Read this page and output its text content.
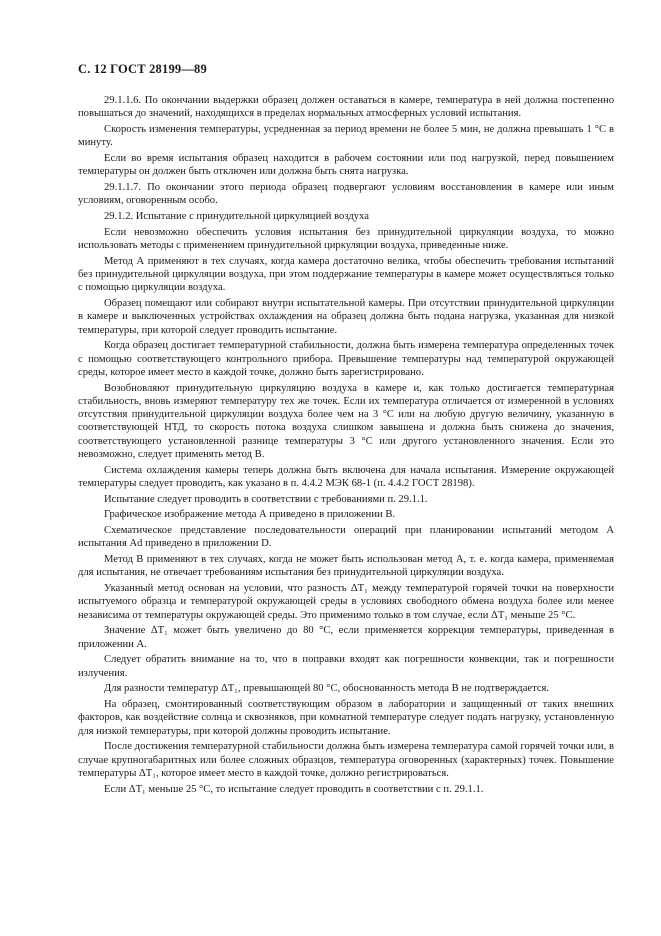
С. 12 ГОСТ 28199—89

29.1.1.6. По окончании выдержки образец должен оставаться в камере, температура в ней должна постепенно повышаться до значений, находящихся в пределах нормальных атмосферных условий испытания.

Скорость изменения температуры, усредненная за период времени не более 5 мин, не должна превышать 1 °С в минуту.

Если во время испытания образец находится в рабочем состоянии или под нагрузкой, перед повышением температуры он должен быть отключен или должна быть снята нагрузка.

29.1.1.7. По окончании этого периода образец подвергают условиям восстановления в камере или иным условиям, оговоренным особо.

29.1.2. Испытание с принудительной циркуляцией воздуха

Если невозможно обеспечить условия испытания без принудительной циркуляции воздуха, то можно использовать методы с применением принудительной циркуляции воздуха, приведенные ниже.

Метод А применяют в тех случаях, когда камера достаточно велика, чтобы обеспечить требования испытаний без принудительной циркуляции воздуха, при этом поддержание температуры в камере может осуществляться только с помощью циркуляции воздуха.

Образец помещают или собирают внутри испытательной камеры. При отсутствии принудительной циркуляции в камере и выключенных устройствах охлаждения на образец должна быть подана нагрузка, указанная для низкой температуры, при которой следует проводить испытание.

Когда образец достигает температурной стабильности, должна быть измерена температура определенных точек с помощью соответствующего контрольного прибора. Превышение температуры над температурой окружающей среды, которое имеет место в каждой точке, должно быть зарегистрировано.

Возобновляют принудительную циркуляцию воздуха в камере и, как только достигается температурная стабильность, вновь измеряют температуру тех же точек. Если их температура отличается от измеренной в условиях отсутствия принудительной циркуляции воздуха более чем на 3 °С или на любую другую величину, указанную в соответствующей НТД, то скорость потока воздуха слишком завышена и должна быть снижена до значения, соответствующего установленной разнице температуры 3 °С или другого установленного значения. Если это невозможно, следует применять метод В.

Система охлаждения камеры теперь должна быть включена для начала испытания. Измерение окружающей температуры следует проводить, как указано в п. 4.4.2 МЭК 68-1 (п. 4.4.2 ГОСТ 28198).

Испытание следует проводить в соответствии с требованиями п. 29.1.1.

Графическое изображение метода А приведено в приложении В.

Схематическое представление последовательности операций при планировании испытаний методом А испытания Ad приведено в приложении D.

Метод В применяют в тех случаях, когда не может быть использован метод А, т. е. когда камера, применяемая для испытания, не отвечает требованиям испытания без принудительной циркуляции воздуха.

Указанный метод основан на условии, что разность ΔT₁ между температурой горячей точки на поверхности испытуемого образца и температурой окружающей среды в условиях свободного обмена воздуха более или менее независима от температуры окружающей среды. Это применимо только в том случае, если ΔT₁ меньше 25 °С.

Значение ΔT₁ может быть увеличено до 80 °С, если применяется коррекция температуры, приведенная в приложении А.

Следует обратить внимание на то, что в поправки входят как погрешности конвекции, так и погрешности излучения.

Для разности температур ΔT₁, превышающей 80 °С, обоснованность метода В не подтверждается.

На образец, смонтированный соответствующим образом в лаборатории и защищенный от таких внешних факторов, как воздействие солнца и сквозняков, при комнатной температуре следует подать нагрузку, установленную для низкой температуры, при которой должны проводить испытание.

После достижения температурной стабильности должна быть измерена температура самой горячей точки или, в случае крупногабаритных или более сложных образцов, температура оговоренных (характерных) точек. Повышение температуры ΔT₁, которое имеет место в каждой точке, должно регистрироваться.

Если ΔT₁ меньше 25 °С, то испытание следует проводить в соответствии с п. 29.1.1.
